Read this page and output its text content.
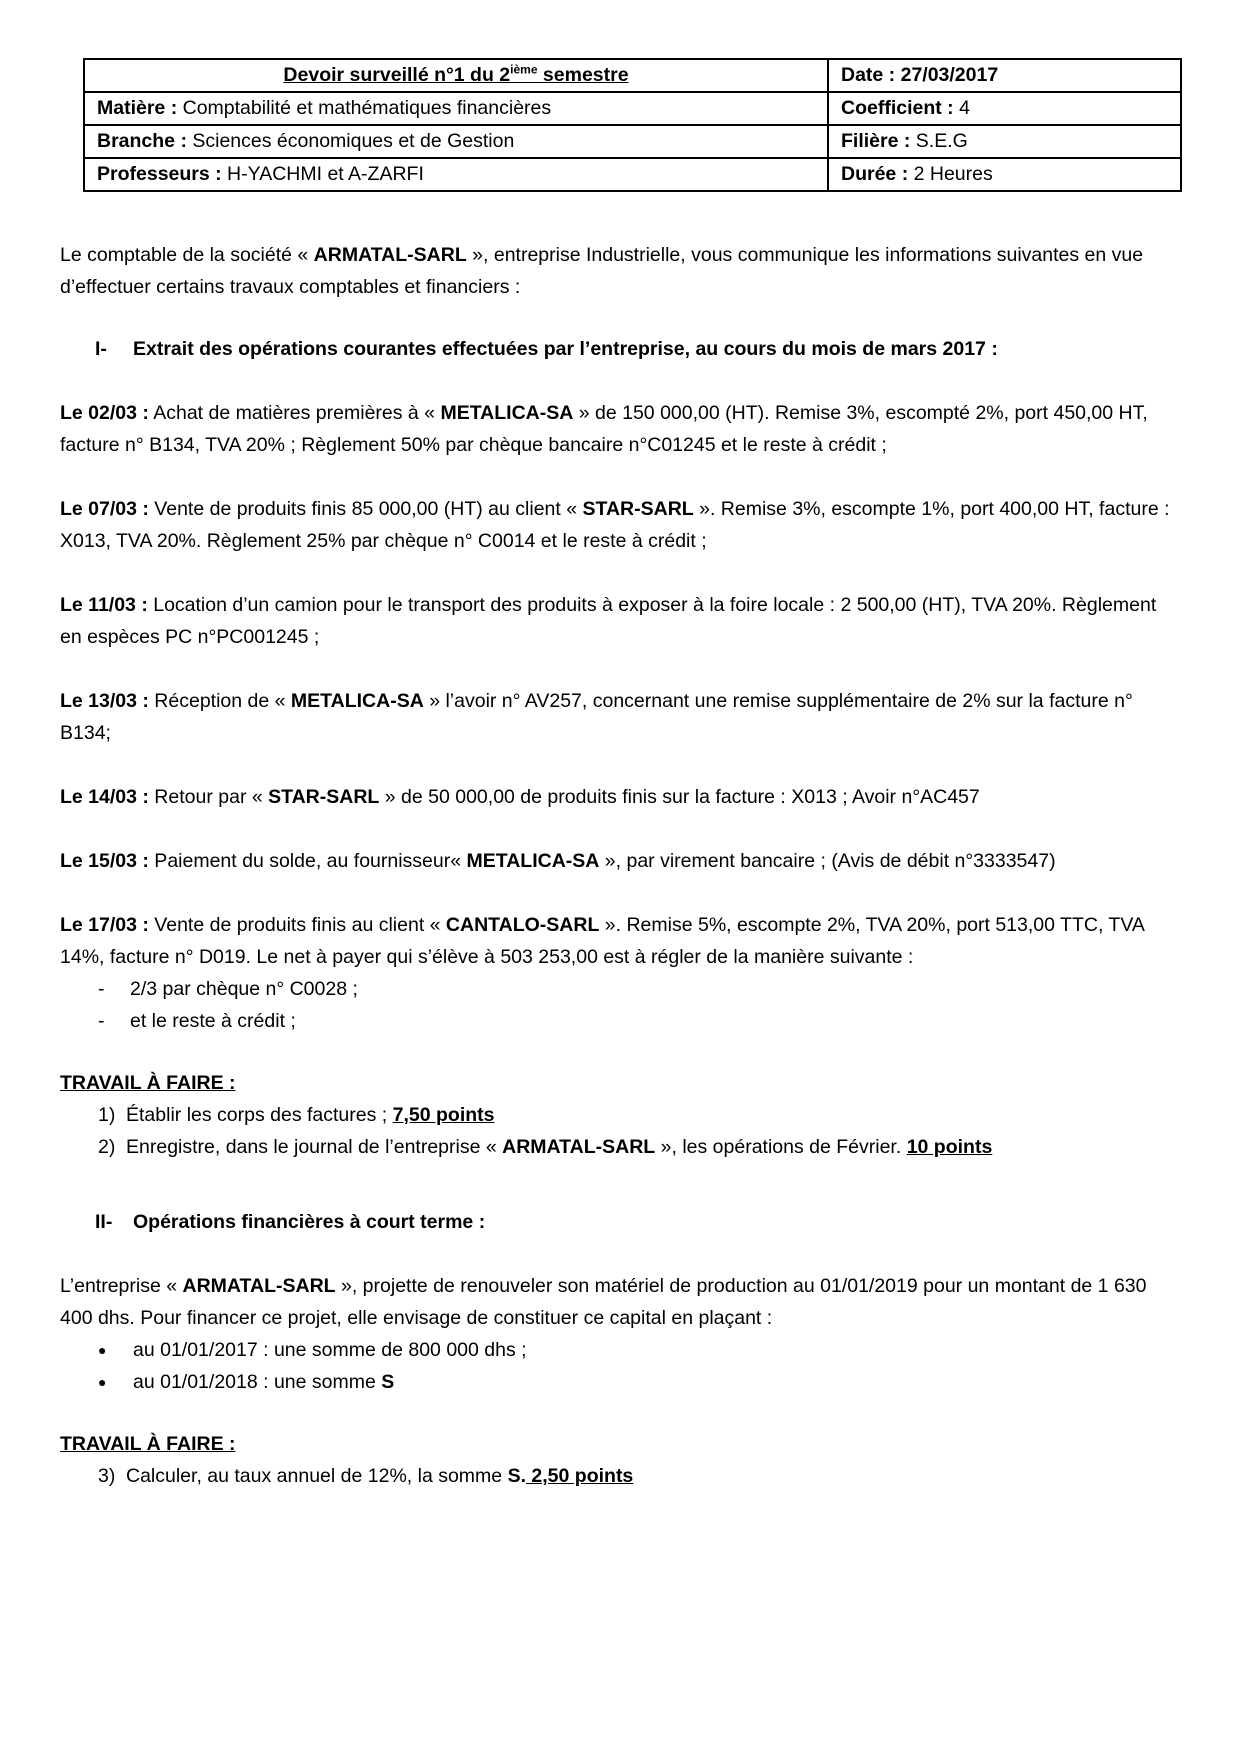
Devoir surveillé n°1 du 2ième semestre	Date : 27/03/2017
Matière : Comptabilité et mathématiques financières	Coefficient : 4
Branche : Sciences économiques et de Gestion	Filière : S.E.G
Professeurs : H-YACHMI et A-ZARFI	Durée : 2 Heures

Le comptable de la société « ARMATAL-SARL », entreprise Industrielle, vous communique les informations suivantes en vue d’effectuer certains travaux comptables et financiers :

I- Extrait des opérations courantes effectuées par l’entreprise, au cours du mois de mars 2017 :

Le 02/03 : Achat de matières premières à « METALICA-SA » de 150 000,00 (HT). Remise 3%, escompté 2%, port 450,00 HT, facture n° B134, TVA 20% ; Règlement 50% par chèque bancaire n°C01245 et le reste à crédit ;

Le 07/03 : Vente de produits finis 85 000,00 (HT) au client « STAR-SARL ». Remise 3%, escompte 1%, port 400,00 HT, facture : X013, TVA 20%. Règlement 25% par chèque n° C0014 et le reste à crédit ;

Le 11/03 : Location d’un camion pour le transport des produits à exposer à la foire locale : 2 500,00 (HT), TVA 20%. Règlement en espèces PC n°PC001245 ;

Le 13/03 : Réception de « METALICA-SA » l’avoir n° AV257, concernant une remise supplémentaire de 2% sur la facture n° B134;

Le 14/03 : Retour par « STAR-SARL » de 50 000,00 de produits finis sur la facture : X013 ; Avoir n°AC457

Le 15/03 : Paiement du solde, au fournisseur« METALICA-SA », par virement bancaire ; (Avis de débit n°3333547)

Le 17/03 : Vente de produits finis au client « CANTALO-SARL ». Remise 5%, escompte 2%, TVA 20%, port 513,00 TTC, TVA 14%, facture n° D019. Le net à payer qui s’élève à 503 253,00 est à régler de la manière suivante :

- 2/3 par chèque n° C0028 ;
- et le reste à crédit ;

TRAVAIL À FAIRE :

1) Établir les corps des factures ; 7,50 points
2) Enregistre, dans le journal de l’entreprise « ARMATAL-SARL », les opérations de Février. 10 points

II- Opérations financières à court terme :

L’entreprise « ARMATAL-SARL », projette de renouveler son matériel de production au 01/01/2019 pour un montant de 1 630 400 dhs. Pour financer ce projet, elle envisage de constituer ce capital en plaçant :

● au 01/01/2017 : une somme de 800 000 dhs ;
● au 01/01/2018 : une somme S

TRAVAIL À FAIRE :

3) Calculer, au taux annuel de 12%, la somme S. 2,50 points
